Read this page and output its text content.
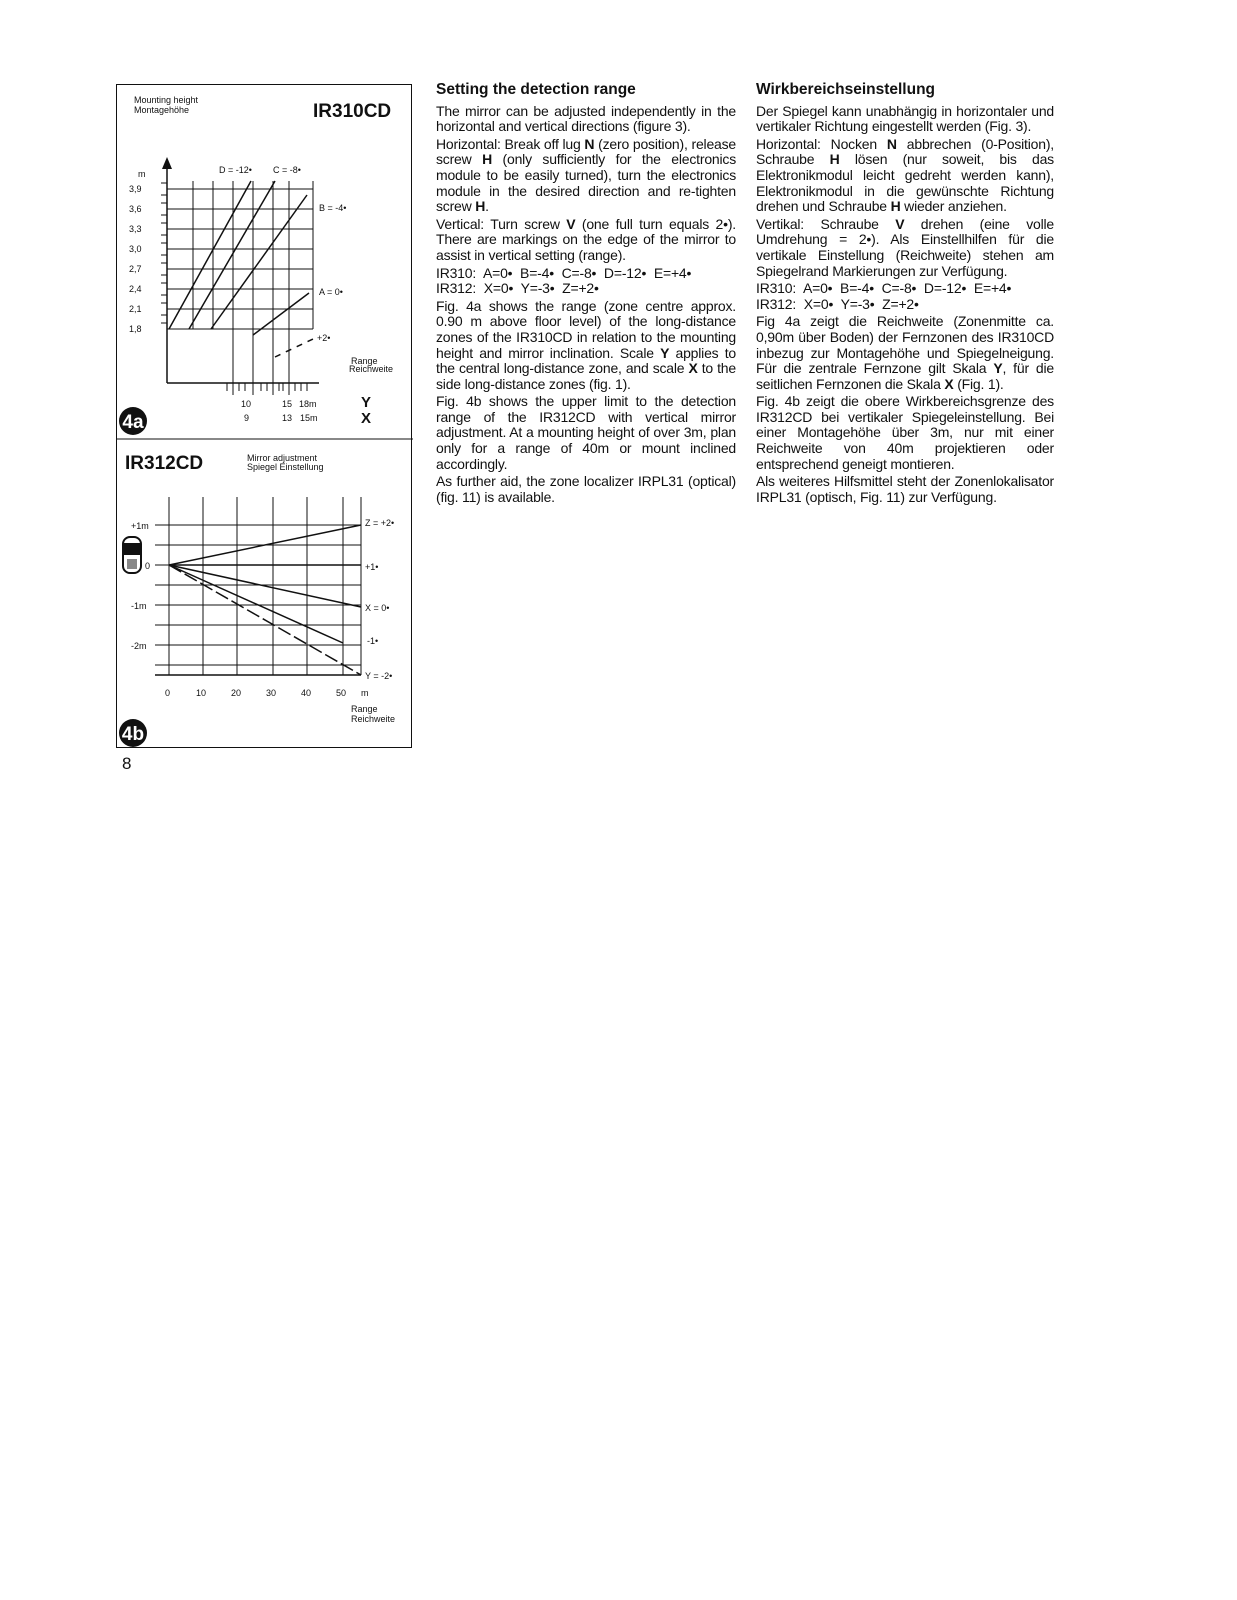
Mounting height
Montagehöhe	IR310CD
m
3,9
3,6
3,3
3,0
2,7
2,4
2,1
1,8
D = -12• C = -8•
B = -4•
A = 0•
+2•
Range
Reichweite
10	15 18m
9	13 15m
Y
X
4a
IR312CD	Mirror adjustment
Spiegel Einstellung
+1m
0
-1m
-2m
Z = +2•
+1•
X = 0•
-1•
Y = -2•
0	10	20	30	40	50 m
Range
Reichweite
4b
8
Setting the detection range

The mirror can be adjusted independently in the horizontal and vertical directions (figure 3).

Horizontal: Break off lug N (zero position), release screw H (only sufficiently for the electronics module to be easily turned), turn the electronics module in the desired direction and re-tighten screw H.

Vertical: Turn screw V (one full turn equals 2•). There are markings on the edge of the mirror to assist in vertical setting (range).

IR310: A=0• B=-4• C=-8• D=-12• E=+4•

IR312: X=0• Y=-3• Z=+2•

Fig. 4a shows the range (zone centre approx. 0.90 m above floor level) of the long-distance zones of the IR310CD in relation to the mounting height and mirror inclination. Scale Y applies to the central long-distance zone, and scale X to the side long-distance zones (fig. 1).

Fig. 4b shows the upper limit to the detection range of the IR312CD with vertical mirror adjustment. At a mounting height of over 3m, plan only for a range of 40m or mount inclined accordingly.

As further aid, the zone localizer IRPL31 (optical) (fig. 11) is available.

Wirkbereichseinstellung

Der Spiegel kann unabhängig in horizontaler und vertikaler Richtung eingestellt werden (Fig. 3).

Horizontal: Nocken N abbrechen (0-Position), Schraube H lösen (nur soweit, bis das Elektronikmodul leicht gedreht werden kann), Elektronikmodul in die gewünschte Richtung drehen und Schraube H wieder anziehen.

Vertikal: Schraube V drehen (eine volle Umdrehung = 2•). Als Einstellhilfen für die vertikale Einstellung (Reichweite) stehen am Spiegelrand Markierungen zur Verfügung.

IR310: A=0• B=-4• C=-8• D=-12• E=+4•

IR312: X=0• Y=-3• Z=+2•

Fig 4a zeigt die Reichweite (Zonenmitte ca. 0,90m über Boden) der Fernzonen des IR310CD inbezug zur Montagehöhe und Spiegelneigung. Für die zentrale Fernzone gilt Skala Y, für die seitlichen Fernzonen die Skala X (Fig. 1).

Fig. 4b zeigt die obere Wirkbereichsgrenze des IR312CD bei vertikaler Spiegeleinstellung. Bei einer Montagehöhe über 3m, nur mit einer Reichweite von 40m projektieren oder entsprechend geneigt montieren.

Als weiteres Hilfsmittel steht der Zonenlokalisator IRPL31 (optisch, Fig. 11) zur Verfügung.
